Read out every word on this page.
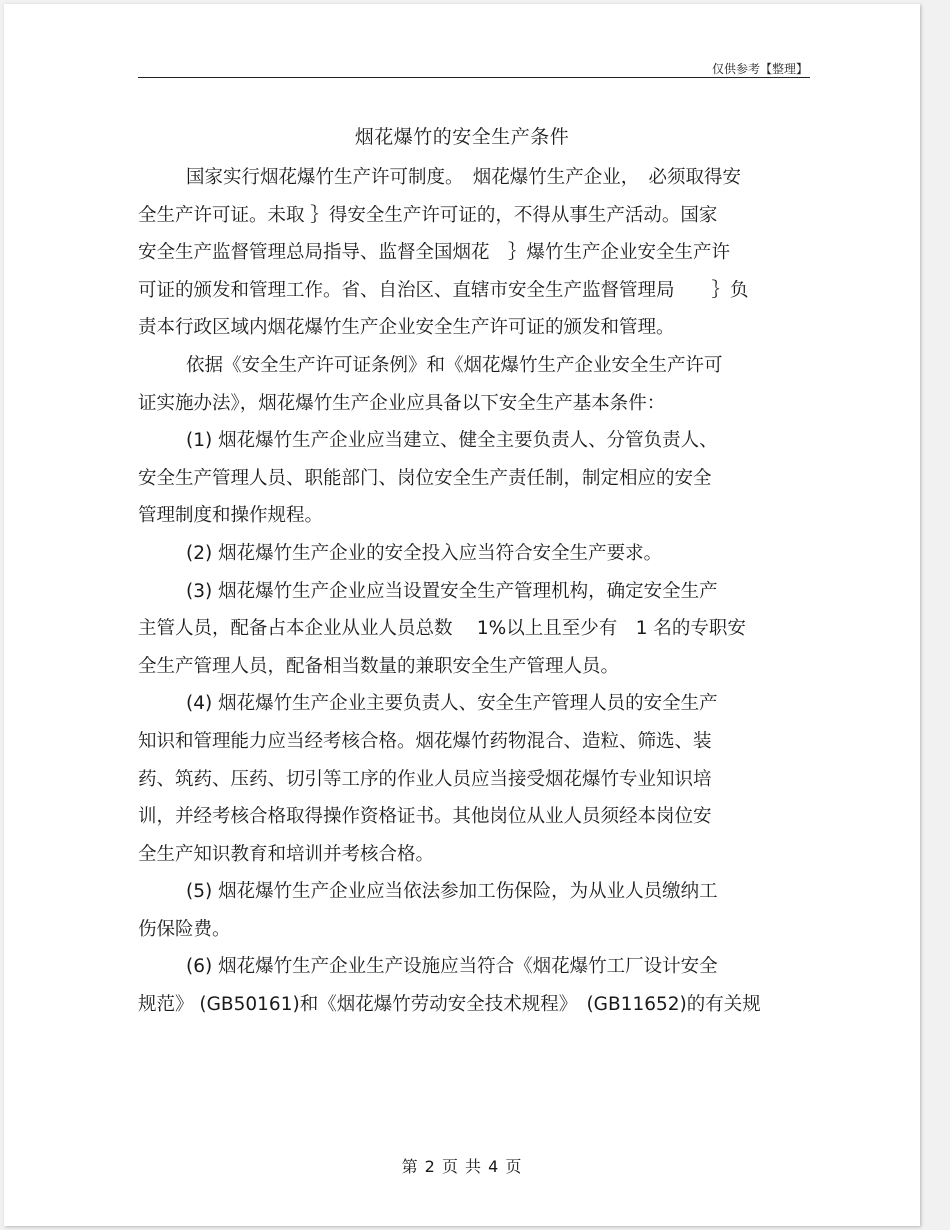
仅供参考【整理】
烟花爆竹的安全生产条件
国家实行烟花爆竹生产许可制度。　烟花爆竹生产企业，　必须取得安
全生产许可证。未取 ｝得安全生产许可证的，不得从事生产活动。国家
安全生产监督管理总局指导、监督全国烟花　｝爆竹生产企业安全生产许
可证的颁发和管理工作。省、自治区、直辖市安全生产监督管理局　　｝负
责本行政区域内烟花爆竹生产企业安全生产许可证的颁发和管理。
依据《安全生产许可证条例》和《烟花爆竹生产企业安全生产许可
证实施办法》，烟花爆竹生产企业应具备以下安全生产基本条件：
(1) 烟花爆竹生产企业应当建立、健全主要负责人、分管负责人、
安全生产管理人员、职能部门、岗位安全生产责任制，制定相应的安全
管理制度和操作规程。
(2) 烟花爆竹生产企业的安全投入应当符合安全生产要求。
(3) 烟花爆竹生产企业应当设置安全生产管理机构，确定安全生产
主管人员，配备占本企业从业人员总数　 1%以上且至少有　1 名的专职安
全生产管理人员，配备相当数量的兼职安全生产管理人员。
(4) 烟花爆竹生产企业主要负责人、安全生产管理人员的安全生产
知识和管理能力应当经考核合格。烟花爆竹药物混合、造粒、筛选、装
药、筑药、压药、切引等工序的作业人员应当接受烟花爆竹专业知识培
训，并经考核合格取得操作资格证书。其他岗位从业人员须经本岗位安
全生产知识教育和培训并考核合格。
(5) 烟花爆竹生产企业应当依法参加工伤保险，为从业人员缴纳工
伤保险费。
(6) 烟花爆竹生产企业生产设施应当符合《烟花爆竹工厂设计安全
规范》 (GB50161)和《烟花爆竹劳动安全技术规程》　(GB11652)的有关规
第 2 页 共 4 页
